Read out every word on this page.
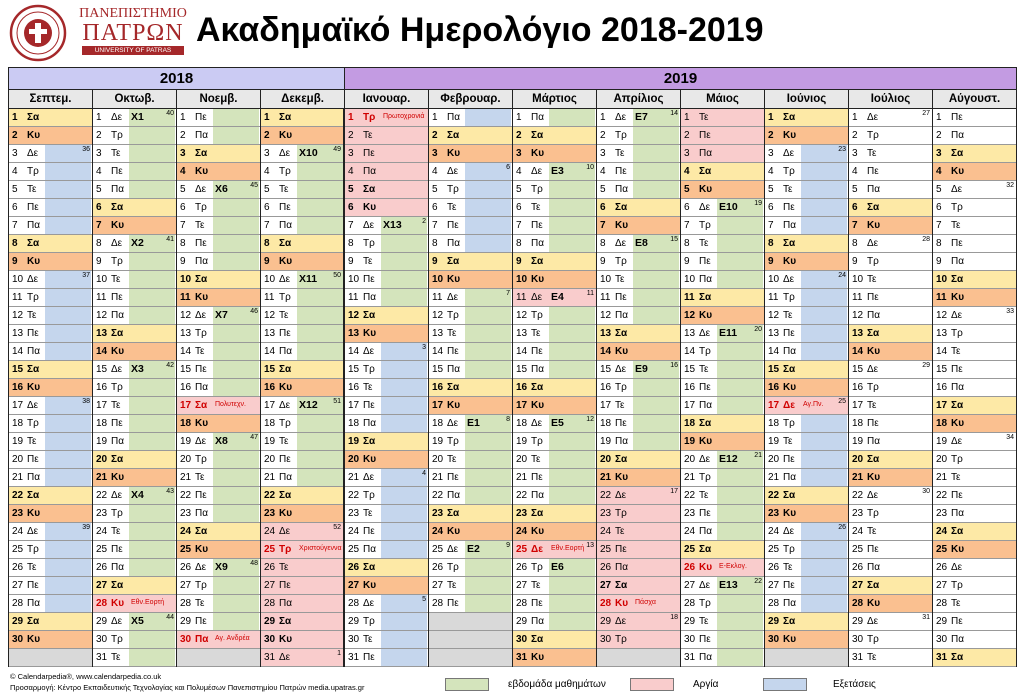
ΠΑΝΕΠΙΣΤΗΜΙΟ
ΠΑΤΡΩΝ
UNIVERSITY OF PATRAS
Ακαδημαϊκό Ημερολόγιο 2018-2019
2018	2019
Σεπτεμ.
1 Σα
2 Κυ
3 Δε	36
4 Τρ
5 Τε
6 Πε
7 Πα
8 Σα
9 Κυ
10 Δε	37
11 Τρ
12 Τε
13 Πε
14 Πα
15 Σα
16 Κυ
17 Δε	38
18 Τρ
19 Τε
20 Πε
21 Πα
22 Σα
23 Κυ
24 Δε	39
25 Τρ
26 Τε
27 Πε
28 Πα
29 Σα
30 Κυ
Οκτωβ.
1 Δε X1	40
2 Τρ
3 Τε
4 Πε
5 Πα
6 Σα
7 Κυ
8 Δε X2	41
9 Τρ
10 Τε
11 Πε
12 Πα
13 Σα
14 Κυ
15 Δε X3	42
16 Τρ
17 Τε
18 Πε
19 Πα
20 Σα
21 Κυ
22 Δε X4	43
23 Τρ
24 Τε
25 Πε
26 Πα
27 Σα
28 Κυ Εθν.Εορτή
29 Δε X5	44
30 Τρ
31 Τε
Νοεμβ.
1 Πε
2 Πα
3 Σα
4 Κυ
5 Δε X6	45
6 Τρ
7 Τε
8 Πε
9 Πα
10 Σα
11 Κυ
12 Δε X7	46
13 Τρ
14 Τε
15 Πε
16 Πα
17 Σα Πολυτεχν.
18 Κυ
19 Δε X8	47
20 Τρ
21 Τε
22 Πε
23 Πα
24 Σα
25 Κυ
26 Δε X9	48
27 Τρ
28 Τε
29 Πε
30 Πα Αγ. Ανδρέα
Δεκεμβ.
1 Σα
2 Κυ
3 Δε X10 49
4 Τρ
5 Τε
6 Πε
7 Πα
8 Σα
9 Κυ
10 Δε X11 50
11 Τρ
12 Τε
13 Πε
14 Πα
15 Σα
16 Κυ
17 Δε X12 51
18 Τρ
19 Τε
20 Πε
21 Πα
22 Σα
23 Κυ
24 Δε	52
25 Τρ Χριστούγεννα
26 Τε
27 Πε
28 Πα
29 Σα
30 Κυ
31 Δε	1
Ιανουαρ.
1 Τρ Πρωτοχρονιά
2 Τε
3 Πε
4 Πα
5 Σα
6 Κυ
7 Δε X13	2
8 Τρ
9 Τε
10 Πε
11 Πα
12 Σα
13 Κυ
14 Δε	3
15 Τρ
16 Τε
17 Πε
18 Πα
19 Σα
20 Κυ
21 Δε	4
22 Τρ
23 Τε
24 Πε
25 Πα
26 Σα
27 Κυ
28 Δε	5
29 Τρ
30 Τε
31 Πε
Φεβρουαρ.
1 Πα
2 Σα
3 Κυ
4 Δε	6
5 Τρ
6 Τε
7 Πε
8 Πα
9 Σα
10 Κυ
11 Δε	7
12 Τρ
13 Τε
14 Πε
15 Πα
16 Σα
17 Κυ
18 Δε E1	8
19 Τρ
20 Τε
21 Πε
22 Πα
23 Σα
24 Κυ
25 Δε E2	9
26 Τρ
27 Τε
28 Πε
Μάρτιος
1 Πα
2 Σα
3 Κυ
4 Δε E3	10
5 Τρ
6 Τε
7 Πε
8 Πα
9 Σα
10 Κυ
11 Δε E4	11
12 Τρ
13 Τε
14 Πε
15 Πα
16 Σα
17 Κυ
18 Δε E5	12
19 Τρ
20 Τε
21 Πε
22 Πα
23 Σα
24 Κυ
25 Δε Εθν.Εορτή 13
26 Τρ E6
27 Τε
28 Πε
29 Πα
30 Σα
31 Κυ
Απρίλιος
1 Δε E7	14
2 Τρ
3 Τε
4 Πε
5 Πα
6 Σα
7 Κυ
8 Δε E8	15
9 Τρ
10 Τε
11 Πε
12 Πα
13 Σα
14 Κυ
15 Δε E9	16
16 Τρ
17 Τε
18 Πε
19 Πα
20 Σα
21 Κυ
22 Δε	17
23 Τρ
24 Τε
25 Πε
26 Πα
27 Σα
28 Κυ Πάσχα
29 Δε	18
30 Τρ
Μάιος
1 Τε
2 Πε
3 Πα
4 Σα
5 Κυ
6 Δε E10 19
7 Τρ
8 Τε
9 Πε
10 Πα
11 Σα
12 Κυ
13 Δε E11 20
14 Τρ
15 Τε
16 Πε
17 Πα
18 Σα
19 Κυ
20 Δε E12 21
21 Τρ
22 Τε
23 Πε
24 Πα
25 Σα
26 Κυ Ε-Εκλογ.
27 Δε E13 22
28 Τρ
29 Τε
30 Πε
31 Πα
Ιούνιος
1 Σα
2 Κυ
3 Δε	23
4 Τρ
5 Τε
6 Πε
7 Πα
8 Σα
9 Κυ
10 Δε	24
11 Τρ
12 Τε
13 Πε
14 Πα
15 Σα
16 Κυ
17 Δε Αγ.Πν. 25
18 Τρ
19 Τε
20 Πε
21 Πα
22 Σα
23 Κυ
24 Δε	26
25 Τρ
26 Τε
27 Πε
28 Πα
29 Σα
30 Κυ
Ιούλιος
1 Δε	27
2 Τρ
3 Τε
4 Πε
5 Πα
6 Σα
7 Κυ
8 Δε	28
9 Τρ
10 Τε
11 Πε
12 Πα
13 Σα
14 Κυ
15 Δε	29
16 Τρ
17 Τε
18 Πε
19 Πα
20 Σα
21 Κυ
22 Δε	30
23 Τρ
24 Τε
25 Πε
26 Πα
27 Σα
28 Κυ
29 Δε	31
30 Τρ
31 Τε
Αύγουστ.
1 Πε
2 Πα
3 Σα
4 Κυ
5 Δε	32
6 Τρ
7 Τε
8 Πε
9 Πα
10 Σα
11 Κυ
12 Δε	33
13 Τρ
14 Τε
15 Πε
16 Πα
17 Σα
18 Κυ
19 Δε	34
20 Τρ
21 Τε
22 Πε
23 Πα
24 Σα
25 Κυ
26 Δε
27 Τρ
28 Τε
29 Πε
30 Πα
31 Σα
© Calendarpedia®, www.calendarpedia.co.uk
Προσαρμογή: Κέντρο Εκπαιδευτικής Τεχνολογίας και Πολυμέσων Πανεπιστημίου Πατρών media.upatras.gr	εβδομάδα μαθημάτων	Αργία	Εξετάσεις
